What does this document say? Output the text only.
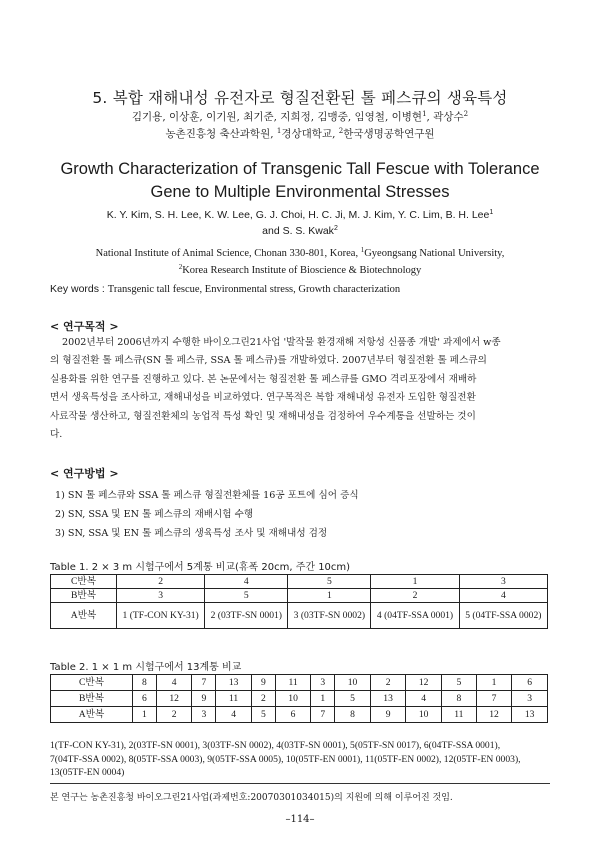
5. 복합 재해내성 유전자로 형질전환된 톨 페스큐의 생육특성
김기용, 이상훈, 이기원, 최기준, 지희정, 김맹중, 임영철, 이병현$^1$, 곽상수$^2$
농촌진흥청 축산과학원, $^1$경상대학교, $^2$한국생명공학연구원
Growth Characterization of Transgenic Tall Fescue with Tolerance
Gene to Multiple Environmental Stresses
K. Y. Kim, S. H. Lee, K. W. Lee, G. J. Choi, H. C. Ji, M. J. Kim, Y. C. Lim, B. H. Lee$^1$
and S. S. Kwak$^2$
National Institute of Animal Science, Chonan 330-801, Korea, $^1$Gyeongsang National University,
$^2$Korea Research Institute of Bioscience & Biotechnology
Key words : Transgenic tall fescue, Environmental stress, Growth characterization
< 연구목적 >
2002년부터 2006년까지 수행한 바이오그린21사업 '발작물 환경재해 저항성 신품종 개발' 과제에서 w종
의 형질전환 톨 페스큐(SN 톨 페스큐, SSA 톨 페스큐)를 개발하였다. 2007년부터 형질전환 톨 페스큐의
실용화를 위한 연구를 진행하고 있다. 본 논문에서는 형질전환 톨 페스큐를 GMO 격리포장에서 재배하
면서 생육특성을 조사하고, 재해내성을 비교하였다. 연구목적은 복합 재해내성 유전자 도입한 형질전환
사료작물 생산하고, 형질전환체의 농업적 특성 확인 및 재해내성을 검정하여 우수계통을 선발하는 것이
다.
< 연구방법 >
1) SN 톨 페스큐와 SSA 톨 페스큐 형질전환체를 16공 포트에 심어 증식
2) SN, SSA 및 EN 톨 페스큐의 재배시험 수행
3) SN, SSA 및 EN 톨 페스큐의 생육특성 조사 및 재해내성 검정
Table 1. 2 × 3 m 시험구에서 5계통 비교(휴폭 20cm, 주간 10cm)
C반복	2	4	5	1	3
B반복	3	5	1	2	4
A반복	1 (TF-CON KY-31)	2 (03TF-SN 0001)	3 (03TF-SN 0002)	4 (04TF-SSA 0001)	5 (04TF-SSA 0002)
Table 2. 1 × 1 m 시험구에서 13계통 비교
C반복	8	4	7	13	9	11	3	10	2	12	5	1	6
B반복	6	12	9	11	2	10	1	5	13	4	8	7	3
A반복	1	2	3	4	5	6	7	8	9	10	11	12	13
1(TF-CON KY-31), 2(03TF-SN 0001), 3(03TF-SN 0002), 4(03TF-SN 0001), 5(05TF-SN 0017), 6(04TF-SSA 0001),
7(04TF-SSA 0002), 8(05TF-SSA 0003), 9(05TF-SSA 0005), 10(05TF-EN 0001), 11(05TF-EN 0002), 12(05TF-EN 0003),
13(05TF-EN 0004)
본 연구는 농촌진흥청 바이오그린21사업(과제번호:20070301034015)의 지원에 의해 이루어진 것임.
–114–
